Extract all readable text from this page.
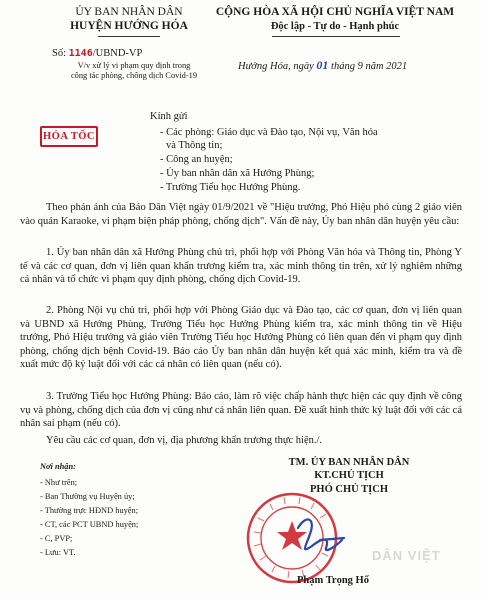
ỦY BAN NHÂN DÂN
HUYỆN HƯỚNG HÓA
CỘNG HÒA XÃ HỘI CHỦ NGHĨA VIỆT NAM
Độc lập - Tự do - Hạnh phúc
Số: 1146/UBND-VP
V/v xử lý vi phạm quy định trong
công tác phòng, chống dịch Covid-19
Hướng Hóa, ngày 01 tháng 9 năm 2021
HỎA TỐC
Kính gửi
- Các phòng: Giáo dục và Đào tạo, Nội vụ, Văn hóa
và Thông tin;
- Công an huyện;
- Ủy ban nhân dân xã Hướng Phùng;
- Trường Tiểu học Hướng Phùng.
Theo phản ánh của Báo Dân Việt ngày 01/9/2021 về "Hiệu trưởng, Phó Hiệu phó cùng 2 giáo viên vào quán Karaoke, vi phạm biện pháp phòng, chống dịch". Vấn đề này, Ủy ban nhân dân huyện yêu cầu:
1. Ủy ban nhân dân xã Hướng Phùng chủ trì, phối hợp với Phòng Văn hóa và Thông tin, Phòng Y tế và các cơ quan, đơn vị liên quan khẩn trương kiểm tra, xác minh thông tin trên, xử lý nghiêm những cá nhân và tổ chức vi phạm quy định phòng, chống dịch Covid-19.
2. Phòng Nội vụ chủ trì, phối hợp với Phòng Giáo dục và Đào tạo, các cơ quan, đơn vị liên quan và UBND xã Hướng Phùng, Trường Tiểu học Hướng Phùng kiểm tra, xác minh thông tin về Hiệu trưởng, Phó Hiệu trưởng và giáo viên Trường Tiểu học Hướng Phùng có liên quan đến vi phạm quy định phòng, chống dịch bệnh Covid-19. Báo cáo Ủy ban nhân dân huyện kết quả xác minh, kiểm tra và đề xuất mức độ kỷ luật đối với các cá nhân có liên quan (nếu có).
3. Trường Tiểu học Hướng Phùng: Báo cáo, làm rõ việc chấp hành thực hiện các quy định về công vụ và phòng, chống dịch của đơn vị cũng như cá nhân liên quan. Đề xuất hình thức kỷ luật đối với các cá nhân sai phạm (nếu có).
Yêu cầu các cơ quan, đơn vị, địa phương khẩn trương thực hiện./.
TM. ỦY BAN NHÂN DÂN
KT.CHỦ TỊCH
PHÓ CHỦ TỊCH
Nơi nhận:
- Như trên;
- Ban Thường vụ Huyện ủy;
- Thường trực HĐND huyện;
- CT, các PCT UBND huyện;
- C, PVP;
- Lưu: VT.	DÂN VIỆT
Phạm Trọng Hổ
